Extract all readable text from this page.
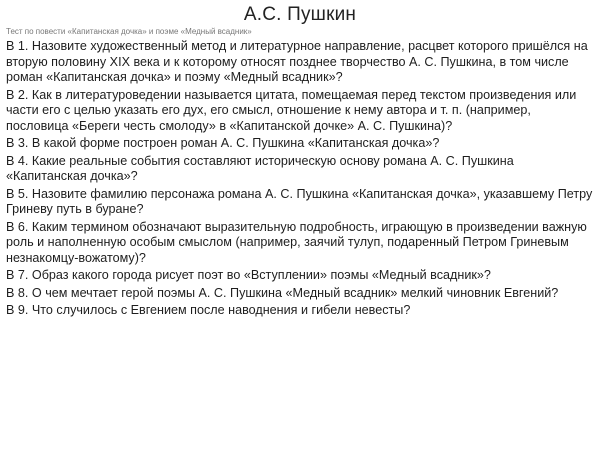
А.С. Пушкин
Тест по повести «Капитанская дочка» и поэме «Медный всадник»
В 1. Назовите художественный метод и литературное направление, расцвет которого пришёлся на вторую половину XIX века и к которому относят позднее творчество А. С. Пушкина, в том числе роман «Капитанская дочка» и поэму «Медный всадник»?
В 2. Как в литературоведении называется цитата, помещаемая перед текстом произведения или части его с целью указать его дух, его смысл, отношение к нему автора и т. п. (например, пословица «Береги честь смолоду» в «Капитанской дочке» А. С. Пушкина)?
В 3. В какой форме построен роман А. С. Пушкина «Капитанская дочка»?
В 4. Какие реальные события составляют историческую основу романа А. С. Пушкина «Капитанская дочка»?
В 5. Назовите фамилию персонажа романа А. С. Пушкина «Капитанская дочка», указавшему Петру Гриневу путь в буране?
В 6. Каким термином обозначают выразительную подробность, играющую в произведении важную роль и наполненную особым смыслом (например, заячий тулуп, подаренный Петром Гриневым незнакомцу-вожатому)?
В 7. Образ какого города рисует поэт во «Вступлении» поэмы «Медный всадник»?
В 8. О чем мечтает герой поэмы А. С. Пушкина «Медный всадник» мелкий чиновник Евгений?
В 9. Что случилось с Евгением после наводнения и гибели невесты?
